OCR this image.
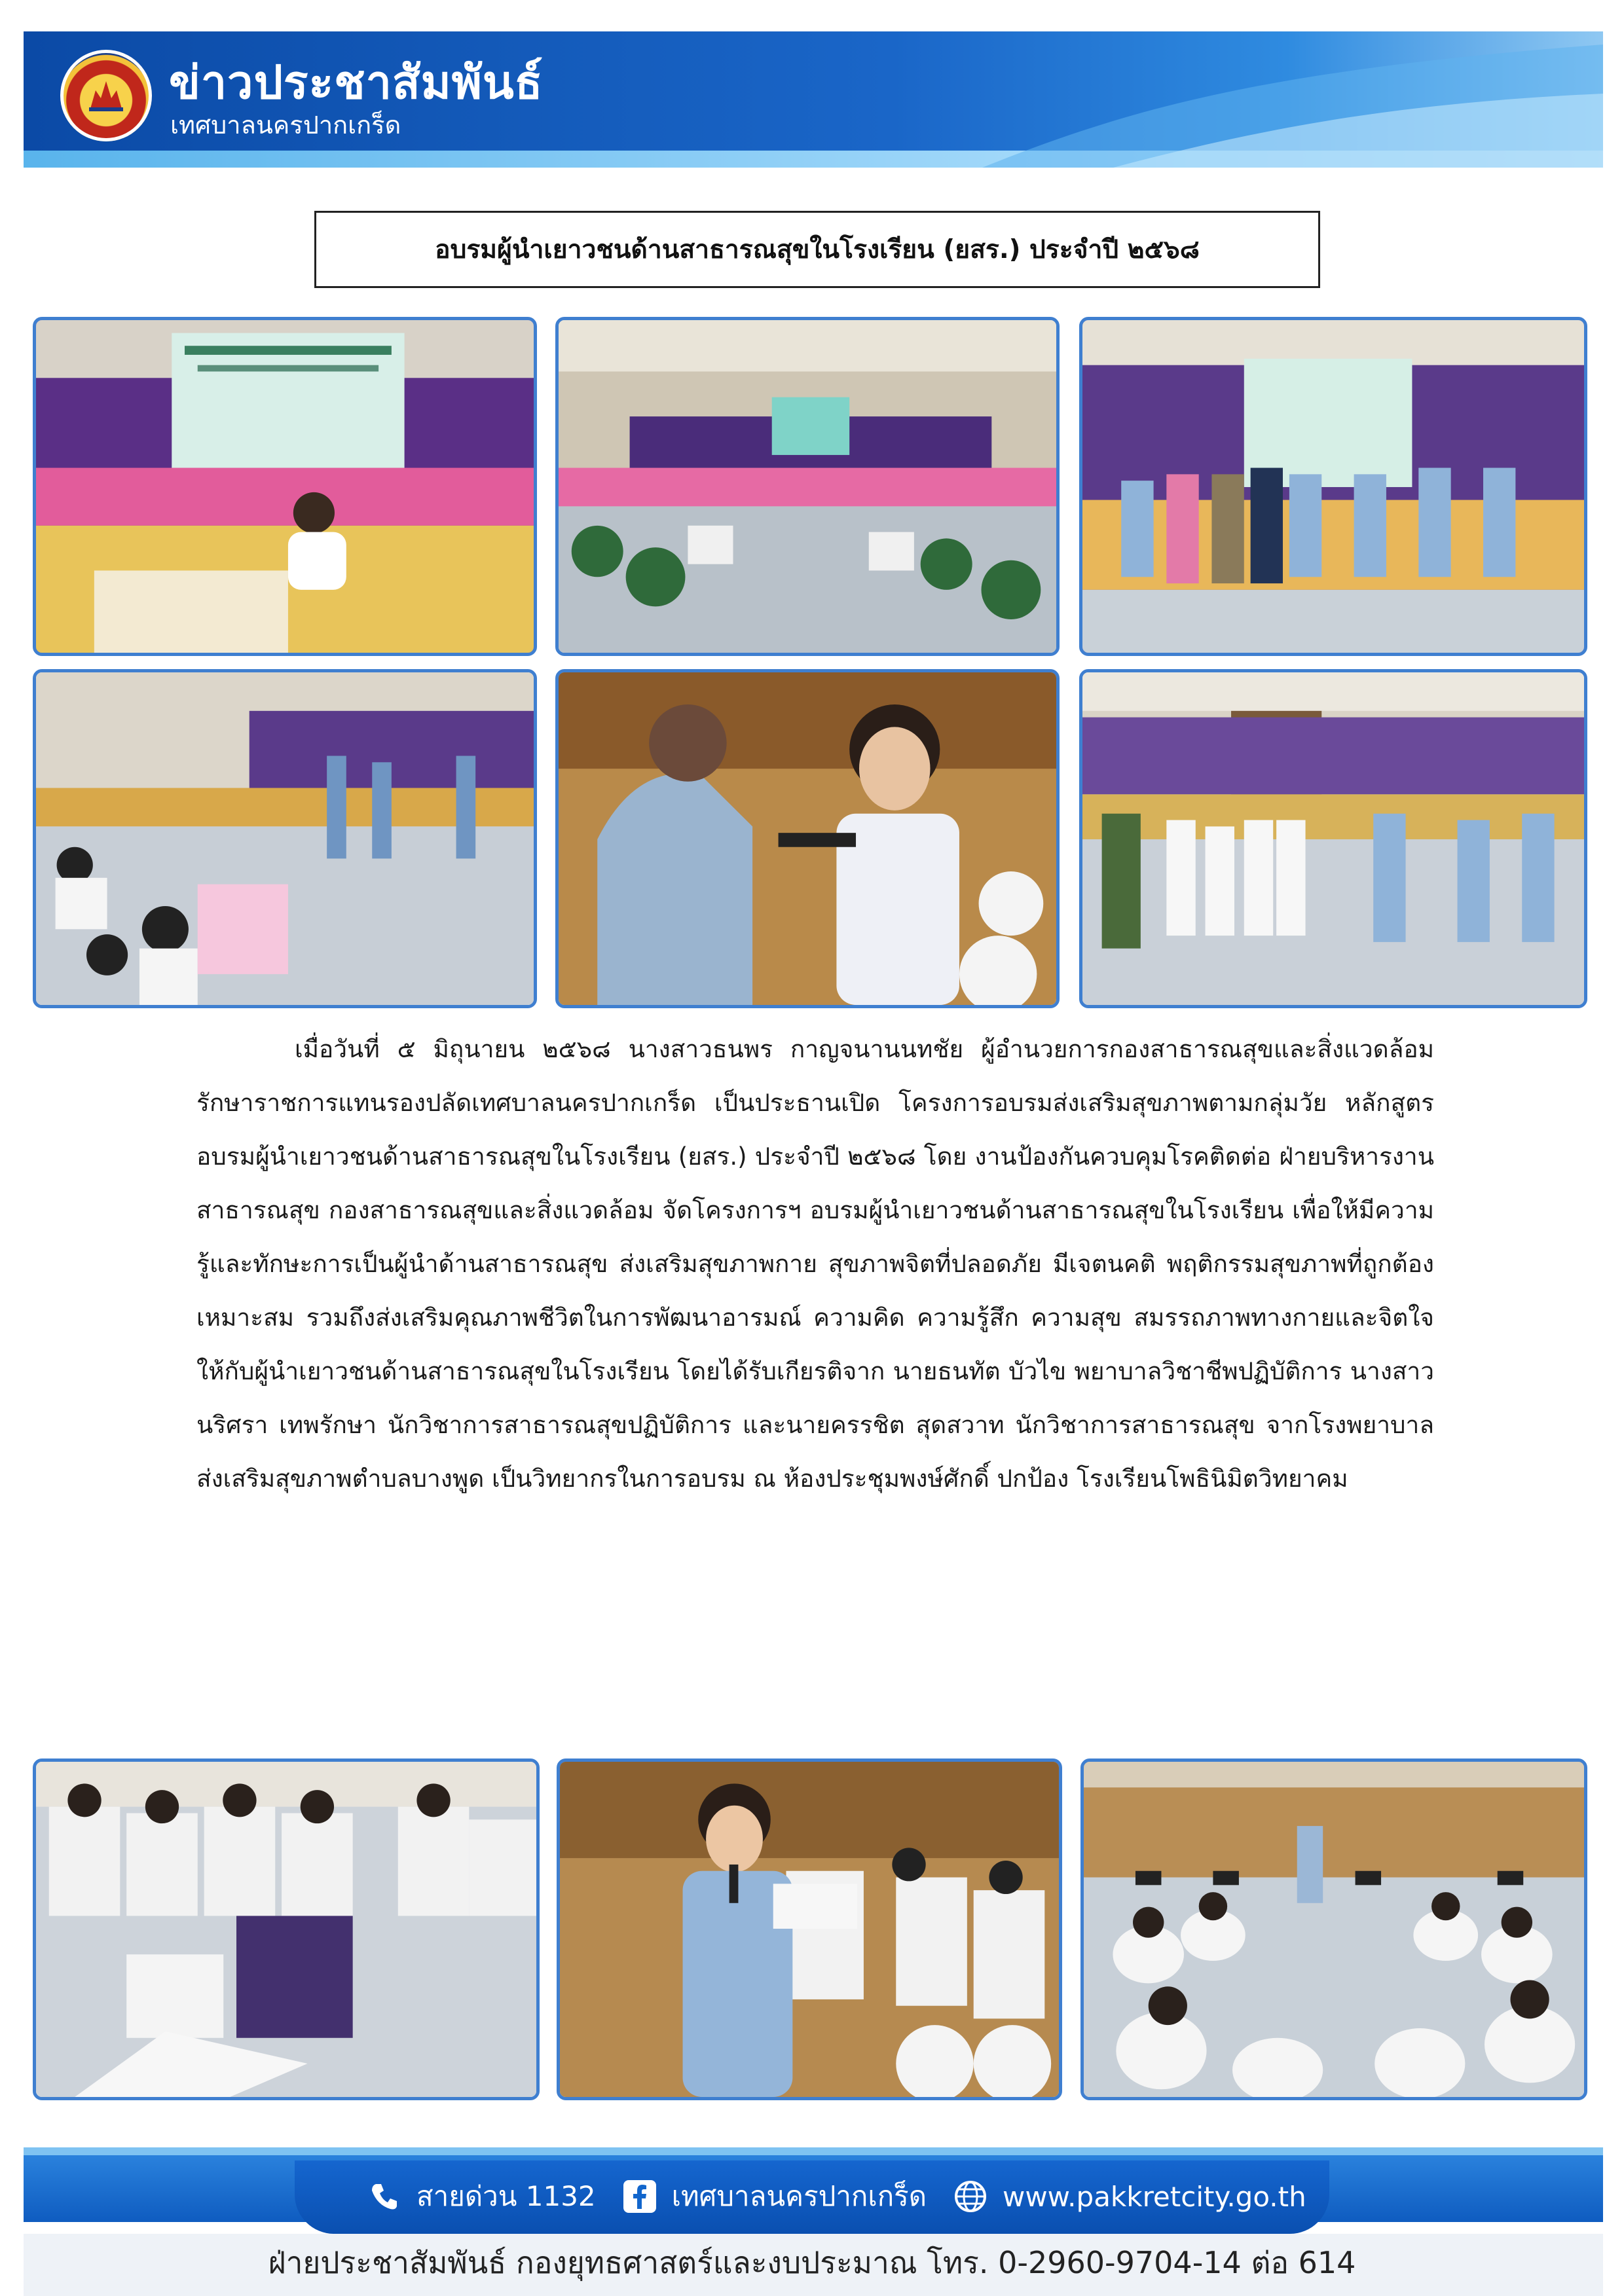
ข่าวประชาสัมพันธ์
เทศบาลนครปากเกร็ด
อบรมผู้นำเยาวชนด้านสาธารณสุขในโรงเรียน (ยสร.) ประจำปี ๒๕๖๘

เมื่อวันที่ ๕ มิถุนายน ๒๕๖๘ นางสาวธนพร กาญจนานนทชัย ผู้อำนวยการกองสาธารณสุขและสิ่งแวดล้อม รักษาราชการแทนรองปลัดเทศบาลนครปากเกร็ด เป็นประธานเปิด โครงการอบรมส่งเสริมสุขภาพตามกลุ่มวัย หลักสูตรอบรมผู้นำเยาวชนด้านสาธารณสุขในโรงเรียน (ยสร.) ประจำปี ๒๕๖๘ โดย งานป้องกันควบคุมโรคติดต่อ ฝ่ายบริหารงานสาธารณสุข กองสาธารณสุขและสิ่งแวดล้อม จัดโครงการฯ อบรมผู้นำเยาวชนด้านสาธารณสุขในโรงเรียน เพื่อให้มีความรู้และทักษะการเป็นผู้นำด้านสาธารณสุข ส่งเสริมสุขภาพกาย สุขภาพจิตที่ปลอดภัย มีเจตนคติ พฤติกรรมสุขภาพที่ถูกต้องเหมาะสม รวมถึงส่งเสริมคุณภาพชีวิตในการพัฒนาอารมณ์ ความคิด ความรู้สึก ความสุข สมรรถภาพทางกายและจิตใจให้กับผู้นำเยาวชนด้านสาธารณสุขในโรงเรียน โดยได้รับเกียรติจาก นายธนทัต บัวไข พยาบาลวิชาชีพปฏิบัติการ นางสาวนริศรา เทพรักษา นักวิชาการสาธารณสุขปฏิบัติการ และนายครรชิต สุดสวาท นักวิชาการสาธารณสุข จากโรงพยาบาลส่งเสริมสุขภาพตำบลบางพูด เป็นวิทยากรในการอบรม ณ ห้องประชุมพงษ์ศักดิ์ ปกป้อง โรงเรียนโพธินิมิตวิทยาคม

สายด่วน 1132	เทศบาลนครปากเกร็ด	www.pakkretcity.go.th
ฝ่ายประชาสัมพันธ์ กองยุทธศาสตร์และงบประมาณ โทร. 0-2960-9704-14 ต่อ 614
